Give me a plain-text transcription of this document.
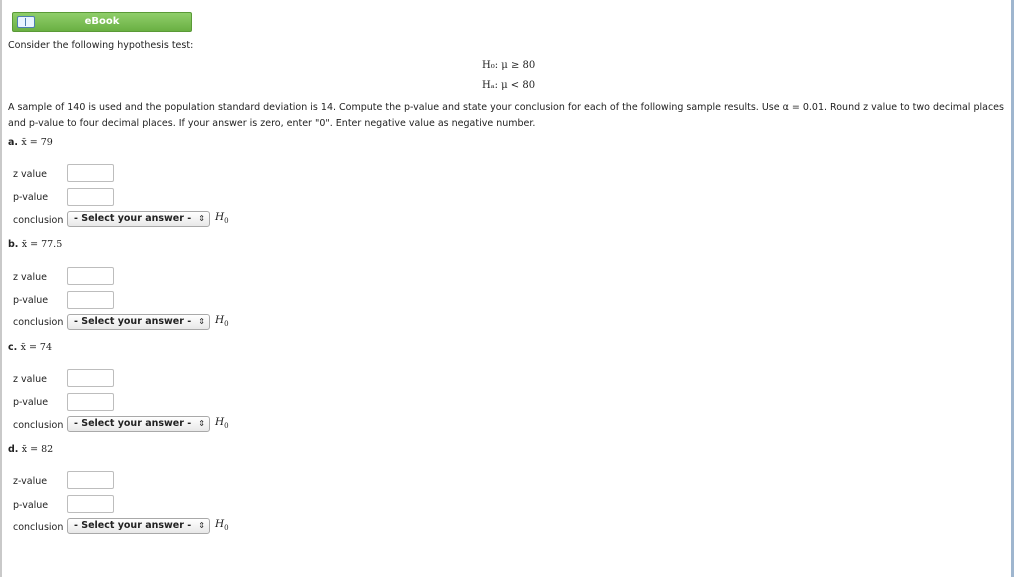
eBook
Consider the following hypothesis test:
H₀: μ ≥ 80
Hₐ: μ < 80
A sample of 140 is used and the population standard deviation is 14. Compute the p-value and state your conclusion for each of the following sample results. Use α = 0.01. Round z value to two decimal places
and p-value to four decimal places. If your answer is zero, enter "0". Enter negative value as negative number.
a. x̄ = 79
z value
p-value
conclusion	- Select your answer - ⇕ $H_0$
b. x̄ = 77.5
z value
p-value
conclusion	- Select your answer - ⇕ $H_0$
c. x̄ = 74
z value
p-value
conclusion	- Select your answer - ⇕ $H_0$
d. x̄ = 82
z-value
p-value
conclusion	- Select your answer - ⇕ $H_0$
